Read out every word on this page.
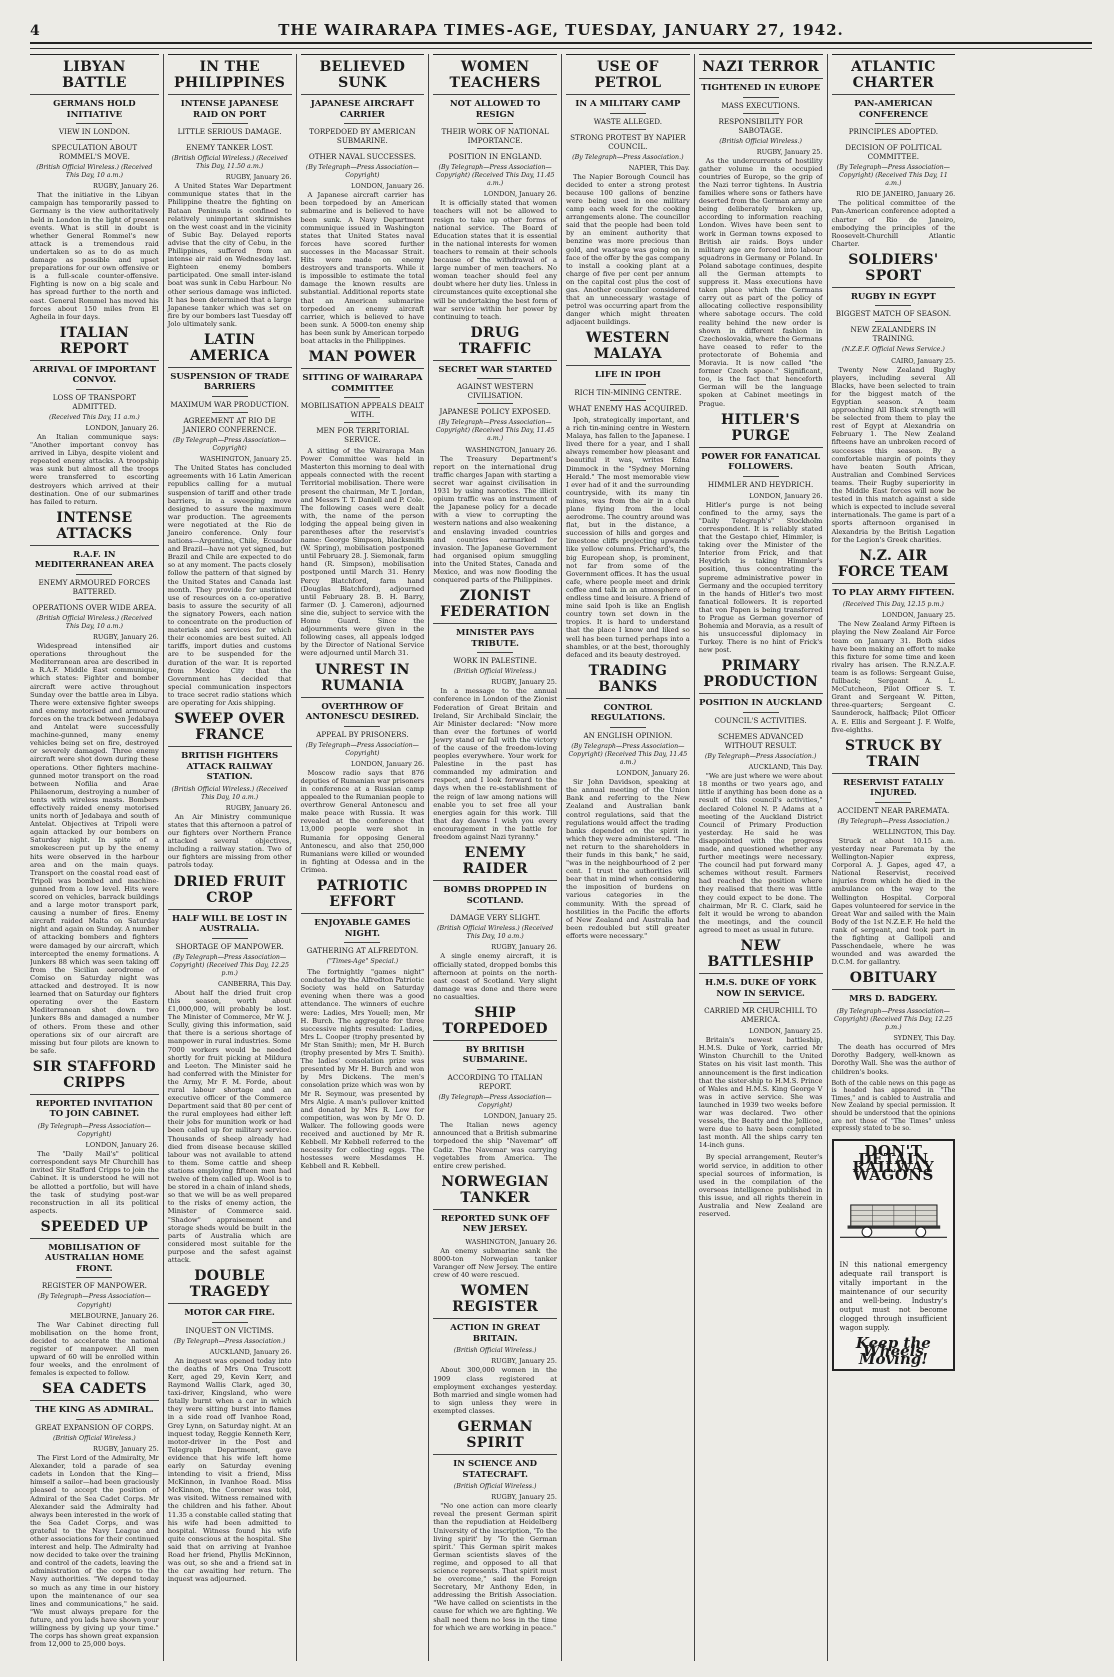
4	THE WAIRARAPA TIMES-AGE, TUESDAY, JANUARY 27, 1942.
LIBYAN BATTLE
GERMANS HOLD INITIATIVE
VIEW IN LONDON.
SPECULATION ABOUT ROMMEL'S MOVE.
(British Official Wireless.) (Received This Day, 10 a.m.)
RUGBY, January 26.
That the initiative in the Libyan campaign has temporarily passed to Germany is the view authoritatively held in London in the light of present events. What is still in doubt is whether General Rommel's new attack is a tremendous raid undertaken so as to do as much damage as possible and upset preparations for our own offensive or is a full-scale counter-offensive. Fighting is now on a big scale and has spread further to the north and east. General Rommel has moved his forces about 150 miles from El Agheila in four days.
ITALIAN REPORT
ARRIVAL OF IMPORTANT CONVOY.
LOSS OF TRANSPORT ADMITTED.
(Received This Day, 11 a.m.)
LONDON, January 26.
An Italian communique says: "Another important convoy has arrived in Libya, despite violent and repeated enemy attacks. A troopship was sunk but almost all the troops were transferred to escorting destroyers which arrived at their destination. One of our submarines has failed to return.
INTENSE ATTACKS
R.A.F. IN MEDITERRANEAN AREA
ENEMY ARMOURED FORCES BATTERED.
OPERATIONS OVER WIDE AREA.
(British Official Wireless.) (Received This Day, 10 a.m.)
RUGBY, January 26.
Widespread intensified air operations throughout the Mediterranean area are described in a R.A.F. Middle East communique, which states: Fighter and bomber aircraft were active throughout Sunday over the battle area in Libya. There were extensive fighter sweeps and enemy motorised and armoured forces on the track between Jedabaya and Antelat were successfully machine-gunned, many enemy vehicles being set on fire, destroyed or severely damaged. Three enemy aircraft were shot down during these operations. Other fighters machine-gunned motor transport on the road between Nofilia and Arae Philaenorum, destroying a number of tents with wireless masts. Bombers effectively raided enemy motorised units north of Jedabaya and south of Antelat. Objectives at Tripoli were again attacked by our bombers on Saturday night. In spite of a smokescreen put up by the enemy hits were observed in the harbour area and on the main quays. Transport on the coastal road east of Tripoli was bombed and machine-gunned from a low level. Hits were scored on vehicles, barrack buildings and a large motor transport park, causing a number of fires. Enemy aircraft raided Malta on Saturday night and again on Sunday. A number of attacking bombers and fighters were damaged by our aircraft, which intercepted the enemy formations. A Junkers 88 which was seen taking off from the Sicilian aerodrome of Comiso on Saturday night was attacked and destroyed. It is now learned that on Saturday our fighters operating over the Eastern Mediterranean shot down two Junkers 88s and damaged a number of others. From these and other operations six of our aircraft are missing but four pilots are known to be safe.
SIR STAFFORD CRIPPS
REPORTED INVITATION TO JOIN CABINET.
(By Telegraph—Press Association—Copyright)
LONDON, January 26.
The "Daily Mail's" political correspondent says Mr Churchill has invited Sir Stafford Cripps to join the Cabinet. It is understood he will not be allotted a portfolio, but will have the task of studying post-war reconstruction in all its political aspects.
SPEEDED UP
MOBILISATION OF AUSTRALIAN HOME FRONT.
REGISTER OF MANPOWER.
(By Telegraph—Press Association—Copyright)
MELBOURNE, January 26.
The War Cabinet directing full mobilisation on the home front, decided to accelerate the national register of manpower. All men upward of 60 will be enrolled within four weeks, and the enrolment of females is expected to follow.
SEA CADETS
THE KING AS ADMIRAL.
GREAT EXPANSION OF CORPS.
(British Official Wireless.)
RUGBY, January 25.
The First Lord of the Admiralty, Mr Alexander, told a parade of sea cadets in London that the King—himself a sailor—had been graciously pleased to accept the position of Admiral of the Sea Cadet Corps. Mr Alexander said the Admiralty had always been interested in the work of the Sea Cadet Corps, and was grateful to the Navy League and other associations for their continued interest and help. The Admiralty had now decided to take over the training and control of the cadets, leaving the administration of the corps to the Navy authorities. "We depend today so much as any time in our history upon the maintenance of our sea lines and communications," he said. "We must always prepare for the future, and you lads have shown your willingness by giving up your time." The corps has shown great expansion from 12,000 to 25,000 boys.
IN THE PHILIPPINES
INTENSE JAPANESE RAID ON PORT
LITTLE SERIOUS DAMAGE.
ENEMY TANKER LOST.
(British Official Wireless.) (Received This Day, 11.50 a.m.)
RUGBY, January 26.
A United States War Department communique states that in the Philippine theatre the fighting on Bataan Peninsula is confined to relatively unimportant skirmishes on the west coast and in the vicinity of Subic Bay. Delayed reports advise that the city of Cebu, in the Philippines, suffered from an intense air raid on Wednesday last. Eighteen enemy bombers participated. One small inter-island boat was sunk in Cebu Harbour. No other serious damage was inflicted. It has been determined that a large Japanese tanker which was set on fire by our bombers last Tuesday off Jolo ultimately sank.
LATIN AMERICA
SUSPENSION OF TRADE BARRIERS
MAXIMUM WAR PRODUCTION.
AGREEMENT AT RIO DE JANIERO CONFERENCE.
(By Telegraph—Press Association—Copyright)
WASHINGTON, January 25.
The United States has concluded agreements with 16 Latin American republics calling for a mutual suspension of tariff and other trade barriers, in a sweeping move designed to assure the maximum war production. The agreements were negotiated at the Rio de Janeiro conference. Only four nations—Argentina, Chile, Ecuador and Brazil—have not yet signed, but Brazil and Chile are expected to do so at any moment. The pacts closely follow the pattern of that signed by the United States and Canada last month. They provide for unstinted use of resources on a co-operative basis to assure the security of all the signatory Powers, each nation to concentrate on the production of materials and services for which their economies are best suited. All tariffs, import duties and customs are to be suspended for the duration of the war. It is reported from Mexico City that the Government has decided that special communication inspectors to trace secret radio stations which are operating for Axis shipping.
SWEEP OVER FRANCE
BRITISH FIGHTERS ATTACK RAILWAY STATION.
(British Official Wireless.) (Received This Day, 10 a.m.)
RUGBY, January 26.
An Air Ministry communique states that this afternoon a patrol of our fighters over Northern France attacked several objectives, including a railway station. Two of our fighters are missing from other patrols today.
DRIED FRUIT CROP
HALF WILL BE LOST IN AUSTRALIA.
SHORTAGE OF MANPOWER.
(By Telegraph—Press Association—Copyright) (Received This Day, 12.25 p.m.)
CANBERRA, This Day.
About half the dried fruit crop this season, worth about £1,000,000, will probably be lost. The Minister of Commerce, Mr W. J. Scully, giving this information, said that there is a serious shortage of manpower in rural industries. Some 7000 workers would be needed shortly for fruit picking at Mildura and Leeton. The Minister said he had conferred with the Minister for the Army, Mr F. M. Forde, about rural labour shortage and an executive officer of the Commerce Department said that 80 per cent of the rural employees had either left their jobs for munition work or had been called up for military service. Thousands of sheep already had died from disease because skilled labour was not available to attend to them. Some cattle and sheep stations employing fifteen men had twelve of them called up. Wool is to be stored in a chain of inland sheds, so that we will be as well prepared to the risks of enemy action, the Minister of Commerce said. "Shadow" appraisement and storage sheds would be built in the parts of Australia which are considered most suitable for the purpose and the safest against attack.
DOUBLE TRAGEDY
MOTOR CAR FIRE.
INQUEST ON VICTIMS.
(By Telegraph—Press Association.)
AUCKLAND, January 26.
An inquest was opened today into the deaths of Mrs Ona Truscott Kerr, aged 29, Kevin Kerr, and Raymond Wallis Clark, aged 30, taxi-driver, Kingsland, who were fatally burnt when a car in which they were sitting burst into flames in a side road off Ivanhoe Road, Grey Lynn, on Saturday night. At an inquest today, Reggie Kenneth Kerr, motor-driver in the Post and Telegraph Department, gave evidence that his wife left home early on Saturday evening intending to visit a friend, Miss McKinnon, in Ivanhoe Road. Miss McKinnon, the Coroner was told, was visited. Witness remained with the children and his father. About 11.35 a constable called stating that his wife had been admitted to hospital. Witness found his wife quite conscious at the hospital. She said that on arriving at Ivanhoe Road her friend, Phyllis McKinnon, was out, so she and a friend sat in the car awaiting her return. The inquest was adjourned.
BELIEVED SUNK
JAPANESE AIRCRAFT CARRIER
TORPEDOED BY AMERICAN SUBMARINE.
OTHER NAVAL SUCCESSES.
(By Telegraph—Press Association—Copyright)
LONDON, January 26.
A Japanese aircraft carrier has been torpedoed by an American submarine and is believed to have been sunk. A Navy Department communique issued in Washington states that United States naval forces have scored further successes in the Macassar Strait. Hits were made on enemy destroyers and transports. While it is impossible to estimate the total damage the known results are substantial. Additional reports state that an American submarine torpedoed an enemy aircraft carrier, which is believed to have been sunk. A 5000-ton enemy ship has been sunk by American torpedo boat attacks in the Philippines.
MAN POWER
SITTING OF WAIRARAPA COMMITTEE
MOBILISATION APPEALS DEALT WITH.
MEN FOR TERRITORIAL SERVICE.
A sitting of the Wairarapa Man Power Committee was held in Masterton this morning to deal with appeals connected with the recent Territorial mobilisation. There were present the chairman, Mr T. Jordan, and Messrs T. T. Daniell and P. Cole. The following cases were dealt with, the name of the person lodging the appeal being given in parentheses after the reservist's name: George Simpson, blacksmith (W. Spring), mobilisation postponed until February 28. J. Siemonak, farm hand (R. Simpson), mobilisation postponed until March 31. Henry Percy Blatchford, farm hand (Douglas Blatchford), adjourned until February 28. B. H. Barry, farmer (D. J. Cameron), adjourned sine die, subject to service with the Home Guard. Since the adjournments were given in the following cases, all appeals lodged by the Director of National Service were adjourned until March 31.
UNREST IN RUMANIA
OVERTHROW OF ANTONESCU DESIRED.
APPEAL BY PRISONERS.
(By Telegraph—Press Association—Copyright)
LONDON, January 26.
Moscow radio says that 876 deputies of Rumanian war prisoners in conference at a Russian camp appealed to the Rumanian people to overthrow General Antonescu and make peace with Russia. It was revealed at the conference that 13,000 people were shot in Rumania for opposing General Antonescu, and also that 250,000 Rumanians were killed or wounded in fighting at Odessa and in the Crimea.
PATRIOTIC EFFORT
ENJOYABLE GAMES NIGHT.
GATHERING AT ALFREDTON.
("Times-Age" Special.)
The fortnightly "games night" conducted by the Alfredton Patriotic Society was held on Saturday evening when there was a good attendance. The winners of euchre were: Ladies, Mrs Youell; men, Mr H. Burch. The aggregate for three successive nights resulted: Ladies, Mrs L. Cooper (trophy presented by Mr Stan Smith); men, Mr H. Burch (trophy presented by Mrs T. Smith). The ladies' consolation prize was presented by Mr H. Burch and won by Mrs Dickens. The men's consolation prize which was won by Mr R. Seymour, was presented by Mrs Algie. A man's pullover knitted and donated by Mrs R. Low for competition, was won by Mr O. D. Walker. The following goods were received and auctioned by Mr R. Kebbell. Mr Kebbell referred to the necessity for collecting eggs. The hostesses were Mesdames H. Kebbell and R. Kebbell.
WOMEN TEACHERS
NOT ALLOWED TO RESIGN
THEIR WORK OF NATIONAL IMPORTANCE.
POSITION IN ENGLAND.
(By Telegraph—Press Association—Copyright) (Received This Day, 11.45 a.m.)
LONDON, January 26.
It is officially stated that women teachers will not be allowed to resign to take up other forms of national service. The Board of Education states that it is essential in the national interests for women teachers to remain at their schools because of the withdrawal of a large number of men teachers. No woman teacher should feel any doubt where her duty lies. Unless in circumstances quite exceptional she will be undertaking the best form of war service within her power by continuing to teach.
DRUG TRAFFIC
SECRET WAR STARTED
AGAINST WESTERN CIVILISATION.
JAPANESE POLICY EXPOSED.
(By Telegraph—Press Association—Copyright) (Received This Day, 11.45 a.m.)
WASHINGTON, January 26.
The Treasury Department's report on the international drug traffic charges Japan with starting a secret war against civilisation in 1931 by using narcotics. The illicit opium traffic was an instrument of the Japanese policy for a decade with a view to corrupting the western nations and also weakening and enslaving invaded countries and countries earmarked for invasion. The Japanese Government had organised opium smuggling into the United States, Canada and Mexico, and was now flooding the conquered parts of the Philippines.
ZIONIST FEDERATION
MINISTER PAYS TRIBUTE.
WORK IN PALESTINE.
(British Official Wireless.)
RUGBY, January 25.
In a message to the annual conference in London of the Zionist Federation of Great Britain and Ireland, Sir Archibald Sinclair, the Air Minister declared: "Now more than ever the fortunes of world Jewry stand or fall with the victory of the cause of the freedom-loving peoples everywhere. Your work for Palestine in the past has commanded my admiration and respect, and I look forward to the days when the re-establishment of the reign of law among nations will enable you to set free all your energies again for this work. Till that day dawns I wish you every encouragement in the battle for freedom against Nazi tyranny."
ENEMY RAIDER
BOMBS DROPPED IN SCOTLAND.
DAMAGE VERY SLIGHT.
(British Official Wireless.) (Received This Day, 10 a.m.)
RUGBY, January 26.
A single enemy aircraft, it is officially stated, dropped bombs this afternoon at points on the north-east coast of Scotland. Very slight damage was done and there were no casualties.
SHIP TORPEDOED
BY BRITISH SUBMARINE.
ACCORDING TO ITALIAN REPORT.
(By Telegraph—Press Association—Copyright)
LONDON, January 25.
The Italian news agency announced that a British submarine torpedoed the ship "Navemar" off Cadiz. The Navemar was carrying vegetables from America. The entire crew perished.
NORWEGIAN TANKER
REPORTED SUNK OFF NEW JERSEY.
WASHINGTON, January 26.
An enemy submarine sank the 8000-ton Norwegian tanker Varanger off New Jersey. The entire crew of 40 were rescued.
WOMEN REGISTER
ACTION IN GREAT BRITAIN.
(British Official Wireless.)
RUGBY, January 25.
About 300,000 women in the 1909 class registered at employment exchanges yesterday. Both married and single women had to sign unless they were in exempted classes.
GERMAN SPIRIT
IN SCIENCE AND STATECRAFT.
(British Official Wireless.)
RUGBY, January 25.
"No one action can more clearly reveal the present German spirit than the repudiation at Heidelberg University of the inscription, 'To the living spirit' by 'To the German spirit.' This German spirit makes German scientists slaves of the regime, and opposed to all that science represents. That spirit must be overcome," said the Foreign Secretary, Mr Anthony Eden, in addressing the British Association. "We have called on scientists in the cause for which we are fighting. We shall need them no less in the time for which we are working in peace."
USE OF PETROL
IN A MILITARY CAMP
WASTE ALLEGED.
STRONG PROTEST BY NAPIER COUNCIL.
(By Telegraph—Press Association.)
NAPIER, This Day.
The Napier Borough Council has decided to enter a strong protest because 100 gallons of benzine were being used in one military camp each week for the cooking arrangements alone. The councillor said that the people had been told by an eminent authority that benzine was more precious than gold, and wastage was going on in face of the offer by the gas company to install a cooking plant at a charge of five per cent per annum on the capital cost plus the cost of gas. Another councillor considered that an unnecessary wastage of petrol was occurring apart from the danger which might threaten adjacent buildings.
WESTERN MALAYA
LIFE IN IPOH
RICH TIN-MINING CENTRE.
WHAT ENEMY HAS ACQUIRED.
Ipoh, strategically important, and a rich tin-mining centre in Western Malaya, has fallen to the Japanese. I lived there for a year, and I shall always remember how pleasant and beautiful it was, writes Edna Dimmock in the "Sydney Morning Herald." The most memorable view I ever had of it and the surrounding countryside, with its many tin mines, was from the air in a club plane flying from the local aerodrome. The country around was flat, but in the distance, a succession of hills and gorges and limestone cliffs projecting upwards like yellow columns. Prichard's, the big European shop, is prominent, not far from some of the Government offices. It has the usual cafe, where people meet and drink coffee and talk in an atmosphere of endless time and leisure. A friend of mine said Ipoh is like an English country town set down in the tropics. It is hard to understand that the place I know and liked so well has been turned perhaps into a shambles, or at the best, thoroughly defaced and its beauty destroyed.
TRADING BANKS
CONTROL REGULATIONS.
AN ENGLISH OPINION.
(By Telegraph—Press Association—Copyright) (Received This Day, 11.45 a.m.)
LONDON, January 26.
Sir John Davidson, speaking at the annual meeting of the Union Bank and referring to the New Zealand and Australian bank control regulations, said that the regulations would affect the trading banks depended on the spirit in which they were administered. "The net return to the shareholders in their funds in this bank," he said, "was in the neighbourhood of 2 per cent. I trust the authorities will bear that in mind when considering the imposition of burdens on various categories in the community. With the spread of hostilities in the Pacific the efforts of New Zealand and Australia had been redoubled but still greater efforts were necessary."
NAZI TERROR
TIGHTENED IN EUROPE
MASS EXECUTIONS.
RESPONSIBILITY FOR SABOTAGE.
(British Official Wireless.)
RUGBY, January 25.
As the undercurrents of hostility gather volume in the occupied countries of Europe, so the grip of the Nazi terror tightens. In Austria families where sons or fathers have deserted from the German army are being deliberately broken up, according to information reaching London. Wives have been sent to work in German towns exposed to British air raids. Boys under military age are forced into labour squadrons in Germany or Poland. In Poland sabotage continues, despite all the German attempts to suppress it. Mass executions have taken place which the Germans carry out as part of the policy of allocating collective responsibility where sabotage occurs. The cold reality behind the new order is shown in different fashion in Czechoslovakia, where the Germans have ceased to refer to the protectorate of Bohemia and Moravia. It is now called "the former Czech space." Significant, too, is the fact that henceforth German will be the language spoken at Cabinet meetings in Prague.
HITLER'S PURGE
POWER FOR FANATICAL FOLLOWERS.
HIMMLER AND HEYDRICH.
LONDON, January 26.
Hitler's purge is not being confined to the army, says the "Daily Telegraph's" Stockholm correspondent. It is reliably stated that the Gestapo chief, Himmler, is taking over the Minister of the Interior from Frick, and that Heydrich is taking Himmler's position, thus concentrating the supreme administrative power in Germany and the occupied territory in the hands of Hitler's two most fanatical followers. It is reported that von Papen is being transferred to Prague as German governor of Bohemia and Moravia, as a result of his unsuccessful diplomacy in Turkey. There is no hint of Frick's new post.
PRIMARY PRODUCTION
POSITION IN AUCKLAND
COUNCIL'S ACTIVITIES.
SCHEMES ADVANCED WITHOUT RESULT.
(By Telegraph—Press Association.)
AUCKLAND, This Day.
"We are just where we were about 18 months or two years ago, and little if anything has been done as a result of this council's activities," declared Colonel N. P. Adams at a meeting of the Auckland District Council of Primary Production yesterday. He said he was disappointed with the progress made, and questioned whether any further meetings were necessary. The council had put forward many schemes without result. Farmers had reached the position where they realised that there was little they could expect to be done. The chairman, Mr R. C. Clark, said he felt it would be wrong to abandon the meetings, and the council agreed to meet as usual in future.
NEW BATTLESHIP
H.M.S. DUKE OF YORK NOW IN SERVICE.
CARRIED MR CHURCHILL TO AMERICA.
LONDON, January 25.
Britain's newest battleship, H.M.S. Duke of York, carried Mr Winston Churchill to the United States on his visit last month. This announcement is the first indication that the sister-ship to H.M.S. Prince of Wales and H.M.S. King George V was in active service. She was launched in 1939 two weeks before war was declared. Two other vessels, the Beatty and the Jellicoe, were due to have been completed last month. All the ships carry ten 14-inch guns.
By special arrangement, Reuter's world service, in addition to other special sources of information, is used in the compilation of the overseas intelligence published in this issue, and all rights therein in Australia and New Zealand are reserved.
ATLANTIC CHARTER
PAN-AMERICAN CONFERENCE
PRINCIPLES ADOPTED.
DECISION OF POLITICAL COMMITTEE.
(By Telegraph—Press Association—Copyright) (Received This Day, 11 a.m.)
RIO DE JANEIRO, January 26.
The political committee of the Pan-American conference adopted a charter of Rio de Janeiro, embodying the principles of the Roosevelt-Churchill Atlantic Charter.
SOLDIERS' SPORT
RUGBY IN EGYPT
BIGGEST MATCH OF SEASON.
NEW ZEALANDERS IN TRAINING.
(N.Z.E.F. Official News Service.)
CAIRO, January 25.
Twenty New Zealand Rugby players, including several All Blacks, have been selected to train for the biggest match of the Egyptian season. A team approaching All Black strength will be selected from them to play the rest of Egypt at Alexandria on February 1. The New Zealand fifteens have an unbroken record of successes this season. By a comfortable margin of points they have beaten South African, Australian and Combined Services teams. Their Rugby superiority in the Middle East forces will now be tested in this match against a side which is expected to include several internationals. The game is part of a sports afternoon organised in Alexandria by the British Legation for the Legion's Greek charities.
N.Z. AIR FORCE TEAM
TO PLAY ARMY FIFTEEN.
(Received This Day, 12.15 p.m.)
LONDON, January 25.
The New Zealand Army Fifteen is playing the New Zealand Air Force team on January 31. Both sides have been making an effort to make this fixture for some time and keen rivalry has arisen. The R.N.Z.A.F. team is as follows: Sergeant Guise, fullback; Sergeant A. L. McCutcheon, Pilot Officer S. T. Grant and Sergeant W. Pitten, three-quarters; Sergeant C. Saunderock, halfback; Pilot Officer A. E. Ellis and Sergeant J. F. Wolfe, five-eighths.
STRUCK BY TRAIN
RESERVIST FATALLY INJURED.
ACCIDENT NEAR PAREMATA.
(By Telegraph—Press Association.)
WELLINGTON, This Day.
Struck at about 10.15 a.m. yesterday near Paremata by the Wellington-Napier express, Corporal A. J. Gapes, aged 47, a National Reservist, received injuries from which he died in the ambulance on the way to the Wellington Hospital. Corporal Gapes volunteered for service in the Great War and sailed with the Main Body of the 1st N.Z.E.F. He held the rank of sergeant, and took part in the fighting at Gallipoli and Passchendaele, where he was wounded and was awarded the D.C.M. for gallantry.
OBITUARY
MRS D. BADGERY.
(By Telegraph—Press Association—Copyright) (Received This Day, 12.25 p.m.)
SYDNEY, This Day.
The death has occurred of Mrs Dorothy Badgery, well-known as Dorothy Wall. She was the author of children's books.
Both of the cable news on this page as is headed has appeared in "The Times," and is cabled to Australia and New Zealand by special permission. It should be understood that the opinions are not those of "The Times" unless expressly stated to be so.
DON'T DETAIN RAILWAY WAGONS
IN this national emergency adequate rail transport is vitally important in the maintenance of our security and well-being. Industry's output must not become clogged through insufficient wagon supply.
Keep the Wheels Moving!
